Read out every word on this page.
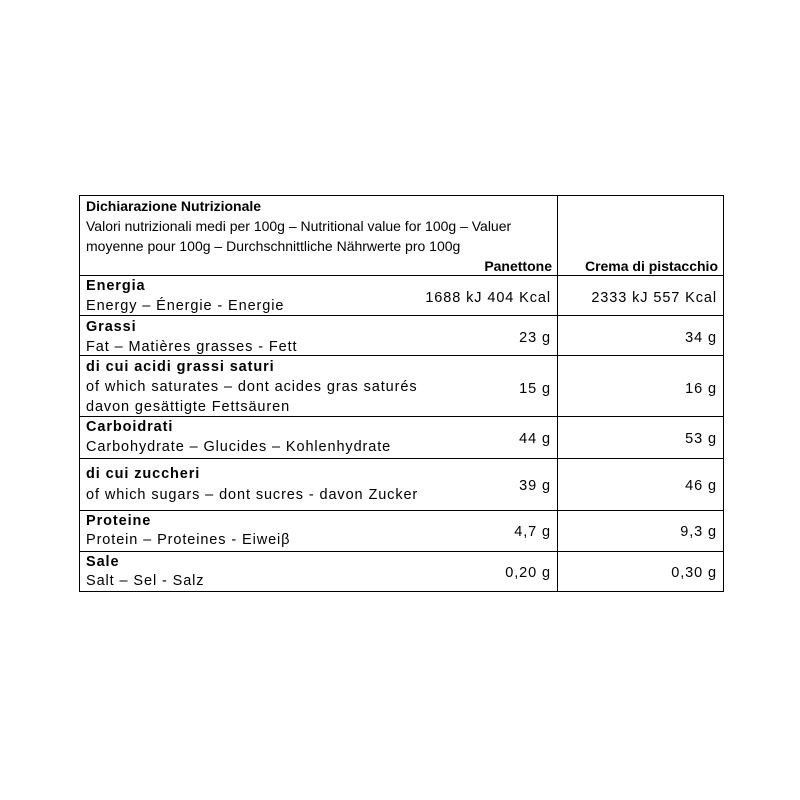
Dichiarazione Nutrizionale
Valori nutrizionali medi per 100g – Nutritional value for 100g – Valuer
moyenne pour 100g – Durchschnittliche Nährwerte pro 100g
Panettone Crema di pistacchio
Energia
Energy – Énergie - Energie	1688 kJ 404 Kcal	2333 kJ 557 Kcal
Grassi
Fat – Matières grasses - Fett
23 g	34 g
di cui acidi grassi saturi
of which saturates – dont acides gras saturés
davon gesättigte Fettsäuren
15 g	16 g
Carboidrati
Carbohydrate – Glucides – Kohlenhydrate	44 g	53 g
di cui zuccheri
of which sugars – dont sucres - davon Zucker
39 g	46 g
Proteine
Protein – Proteines - Eiweiβ	4,7 g	9,3 g
Sale
Salt – Sel - Salz	0,20 g	0,30 g
